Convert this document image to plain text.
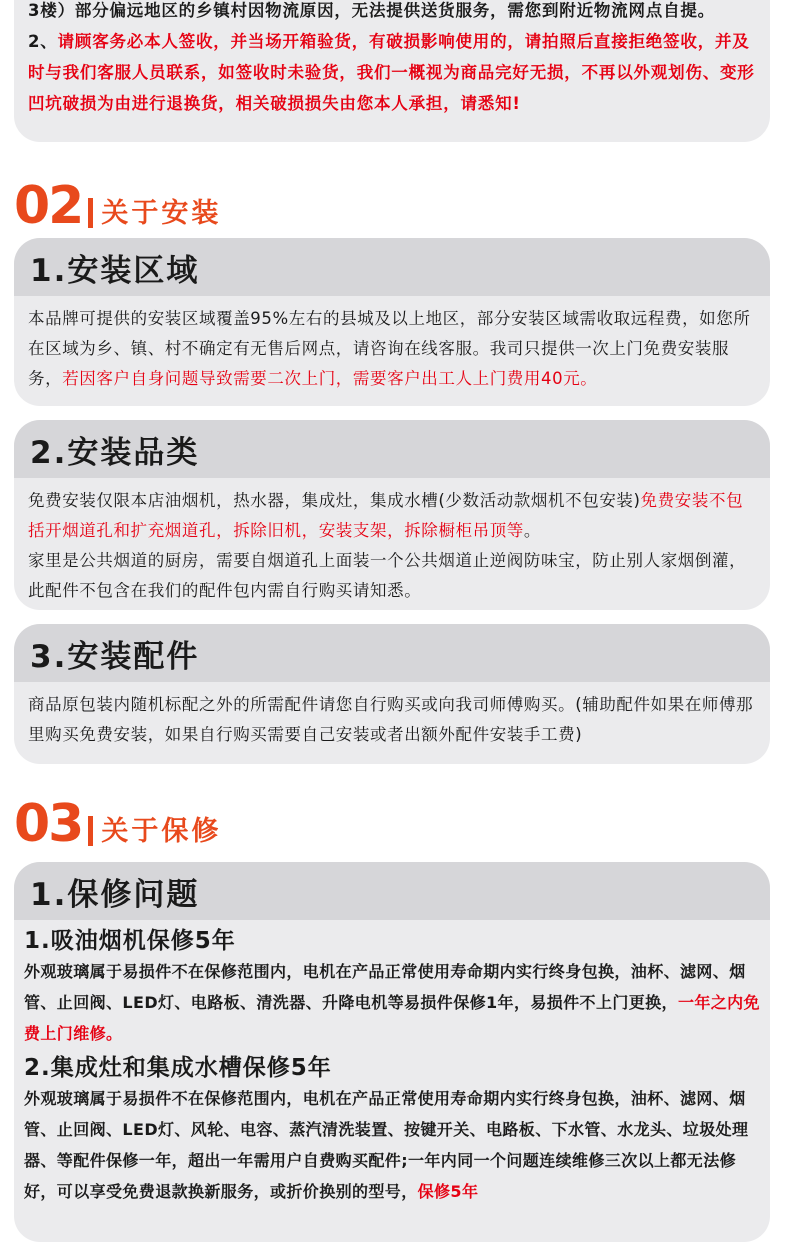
3楼）部分偏远地区的乡镇村因物流原因，无法提供送货服务，需您到附近物流网点自提。

2、请顾客务必本人签收，并当场开箱验货，有破损影响使用的，请拍照后直接拒绝签收，并及时与我们客服人员联系，如签收时未验货，我们一概视为商品完好无损，不再以外观划伤、变形凹坑破损为由进行退换货，相关破损损失由您本人承担，请悉知!

02 关于安装
1.安装区域

本品牌可提供的安装区域覆盖95%左右的县城及以上地区，部分安装区域需收取远程费，如您所在区域为乡、镇、村不确定有无售后网点，请咨询在线客服。我司只提供一次上门免费安装服务，若因客户自身问题导致需要二次上门，需要客户出工人上门费用40元。

2.安装品类

免费安装仅限本店油烟机，热水器，集成灶，集成水槽(少数活动款烟机不包安装)免费安装不包括开烟道孔和扩充烟道孔，拆除旧机，安装支架，拆除橱柜吊顶等。

家里是公共烟道的厨房，需要自烟道孔上面装一个公共烟道止逆阀防味宝，防止别人家烟倒灌，此配件不包含在我们的配件包内需自行购买请知悉。

3.安装配件

商品原包装内随机标配之外的所需配件请您自行购买或向我司师傅购买。(辅助配件如果在师傅那里购买免费安装，如果自行购买需要自己安装或者出额外配件安装手工费)

03 关于保修
1.保修问题

1.吸油烟机保修5年

外观玻璃属于易损件不在保修范围内，电机在产品正常使用寿命期内实行终身包换，油杯、滤网、烟管、止回阀、LED灯、电路板、清洗器、升降电机等易损件保修1年，易损件不上门更换，一年之内免费上门维修。

2.集成灶和集成水槽保修5年

外观玻璃属于易损件不在保修范围内，电机在产品正常使用寿命期内实行终身包换，油杯、滤网、烟管、止回阀、LED灯、风轮、电容、蒸汽清洗装置、按键开关、电路板、下水管、水龙头、垃圾处理器、等配件保修一年，超出一年需用户自费购买配件;一年内同一个问题连续维修三次以上都无法修好，可以享受免费退款换新服务，或折价换别的型号，保修5年
